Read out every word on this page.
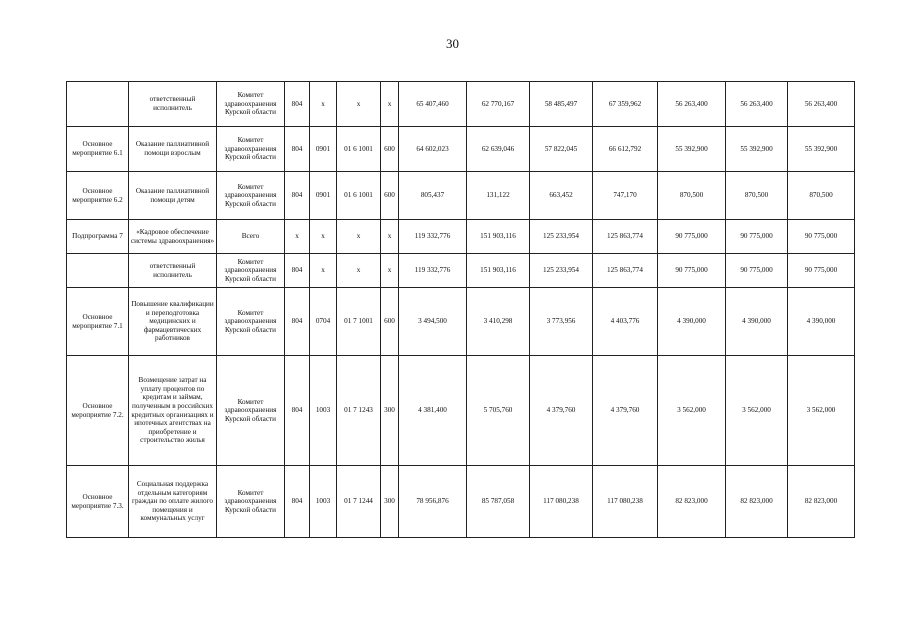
30
	ответственный исполнитель	Комитет здравоохранения Курской области	804	x	x	x	65 407,460	62 770,167	58 485,497	67 359,962	56 263,400	56 263,400	56 263,400
Основное мероприятие 6.1	Оказание паллиативной помощи взрослым	Комитет здравоохранения Курской области	804	0901	01 6 1001	600	64 602,023	62 639,046	57 822,045	66 612,792	55 392,900	55 392,900	55 392,900
Основное мероприятие 6.2	Оказание паллиативной помощи детям	Комитет здравоохранения Курской области	804	0901	01 6 1001	600	805,437	131,122	663,452	747,170	870,500	870,500	870,500
Подпрограмма 7	«Кадровое обеспечение системы здравоохранения»	Всего	x	x	x	x	119 332,776	151 903,116	125 233,954	125 863,774	90 775,000	90 775,000	90 775,000
	ответственный исполнитель	Комитет здравоохранения Курской области	804	x	x	x	119 332,776	151 903,116	125 233,954	125 863,774	90 775,000	90 775,000	90 775,000
Основное мероприятие 7.1	Повышение квалификации и переподготовка медицинских и фармацевтических работников	Комитет здравоохранения Курской области	804	0704	01 7 1001	600	3 494,500	3 410,298	3 773,956	4 403,776	4 390,000	4 390,000	4 390,000
Основное мероприятие 7.2.	Возмещение затрат на уплату процентов по кредитам и займам, полученным в российских кредитных организациях и ипотечных агентствах на приобретение и строительство жилья	Комитет здравоохранения Курской области	804	1003	01 7 1243	300	4 381,400	5 705,760	4 379,760	4 379,760	3 562,000	3 562,000	3 562,000
Основное мероприятие 7.3.	Социальная поддержка отдельным категориям граждан по оплате жилого помещения и коммунальных услуг	Комитет здравоохранения Курской области	804	1003	01 7 1244	300	78 956,876	85 787,058	117 080,238	117 080,238	82 823,000	82 823,000	82 823,000
